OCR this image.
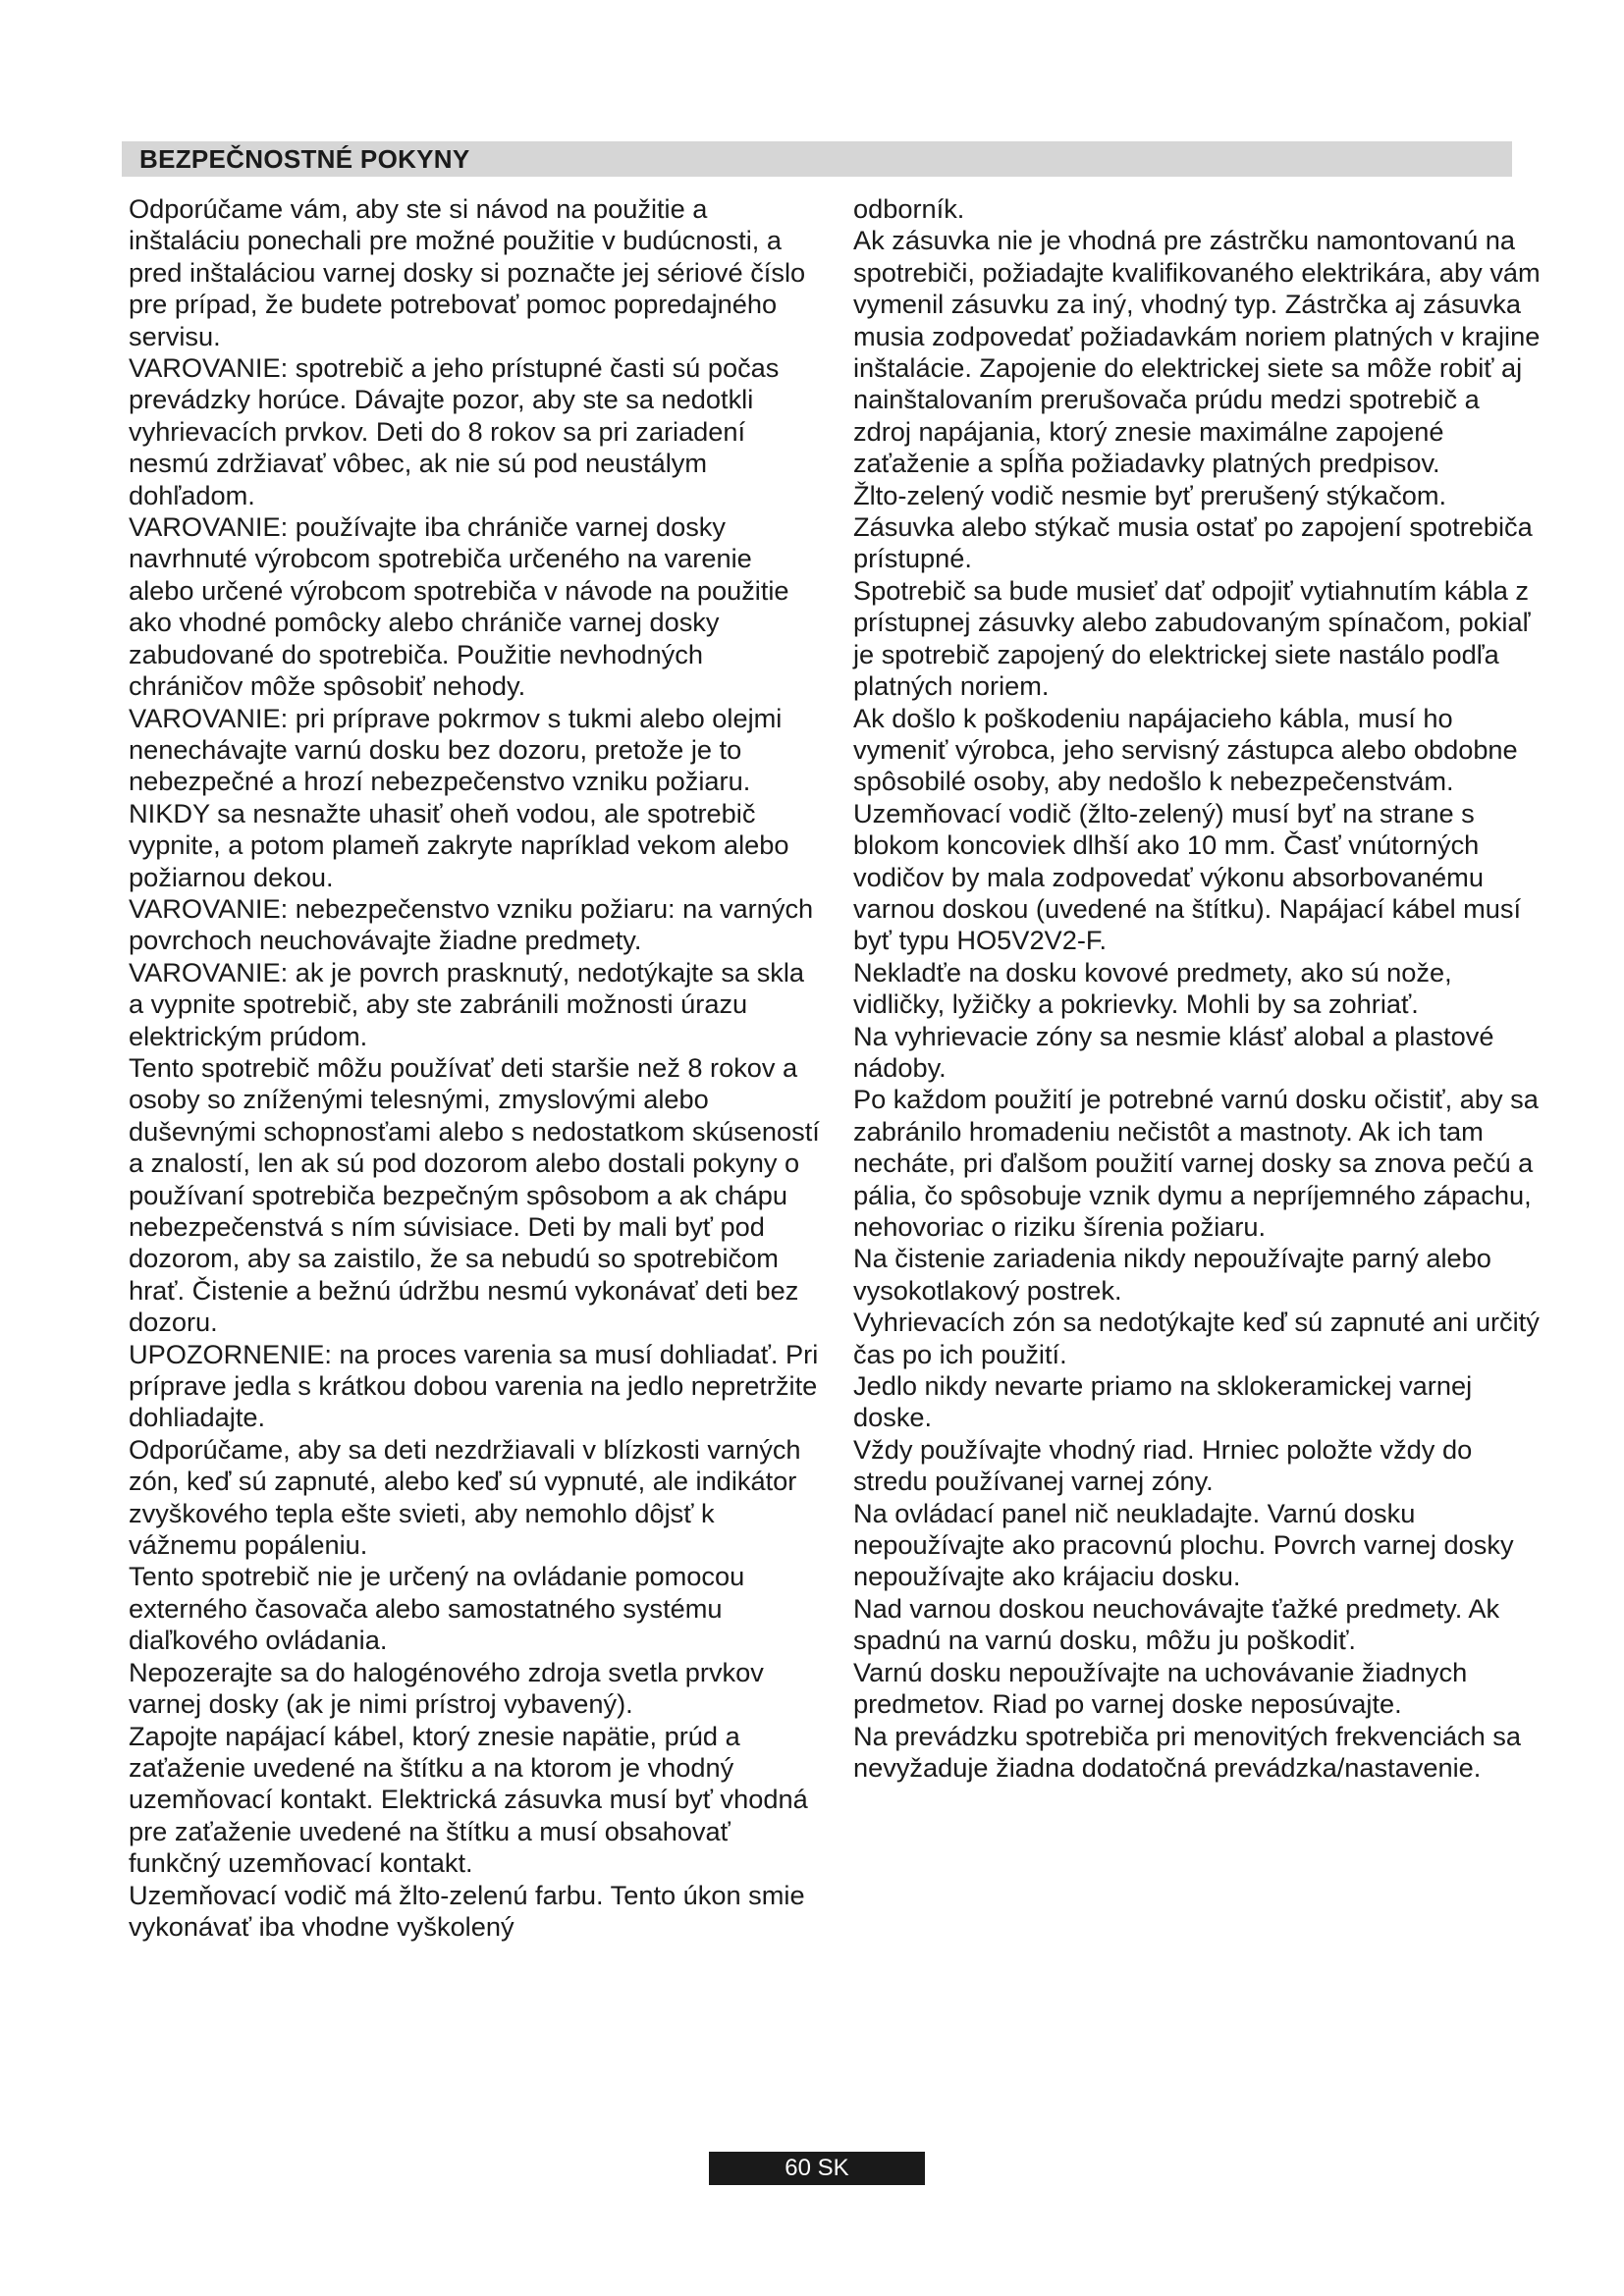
BEZPEČNOSTNÉ POKYNY

Odporúčame vám, aby ste si návod na použitie a inštaláciu ponechali pre možné použitie v budúcnosti, a pred inštaláciou varnej dosky si poznačte jej sériové číslo pre prípad, že budete potrebovať pomoc popredajného servisu.

VAROVANIE: spotrebič a jeho prístupné časti sú počas prevádzky horúce. Dávajte pozor, aby ste sa nedotkli vyhrievacích prvkov. Deti do 8 rokov sa pri zariadení nesmú zdržiavať vôbec, ak nie sú pod neustálym dohľadom.

VAROVANIE: používajte iba chrániče varnej dosky navrhnuté výrobcom spotrebiča určeného na varenie alebo určené výrobcom spotrebiča v návode na použitie ako vhodné pomôcky alebo chrániče varnej dosky zabudované do spotrebiča. Použitie nevhodných chráničov môže spôsobiť nehody.

VAROVANIE: pri príprave pokrmov s tukmi alebo olejmi nenechávajte varnú dosku bez dozoru, pretože je to nebezpečné a hrozí nebezpečenstvo vzniku požiaru. NIKDY sa nesnažte uhasiť oheň vodou, ale spotrebič vypnite, a potom plameň zakryte napríklad vekom alebo požiarnou dekou.

VAROVANIE: nebezpečenstvo vzniku požiaru: na varných povrchoch neuchovávajte žiadne predmety.

VAROVANIE: ak je povrch prasknutý, nedotýkajte sa skla a vypnite spotrebič, aby ste zabránili možnosti úrazu elektrickým prúdom.

Tento spotrebič môžu používať deti staršie než 8 rokov a osoby so zníženými telesnými, zmyslovými alebo duševnými schopnosťami alebo s nedostatkom skúseností a znalostí, len ak sú pod dozorom alebo dostali pokyny o používaní spotrebiča bezpečným spôsobom a ak chápu nebezpečenstvá s ním súvisiace. Deti by mali byť pod dozorom, aby sa zaistilo, že sa nebudú so spotrebičom hrať. Čistenie a bežnú údržbu nesmú vykonávať deti bez dozoru.

UPOZORNENIE: na proces varenia sa musí dohliadať. Pri príprave jedla s krátkou dobou varenia na jedlo nepretržite dohliadajte.

Odporúčame, aby sa deti nezdržiavali v blízkosti varných zón, keď sú zapnuté, alebo keď sú vypnuté, ale indikátor zvyškového tepla ešte svieti, aby nemohlo dôjsť k vážnemu popáleniu.

Tento spotrebič nie je určený na ovládanie pomocou externého časovača alebo samostatného systému diaľkového ovládania.

Nepozerajte sa do halogénového zdroja svetla prvkov varnej dosky (ak je nimi prístroj vybavený).

Zapojte napájací kábel, ktorý znesie napätie, prúd a zaťaženie uvedené na štítku a na ktorom je vhodný uzemňovací kontakt. Elektrická zásuvka musí byť vhodná pre zaťaženie uvedené na štítku a musí obsahovať funkčný uzemňovací kontakt.

Uzemňovací vodič má žlto-zelenú farbu. Tento úkon smie vykonávať iba vhodne vyškolený

odborník.

Ak zásuvka nie je vhodná pre zástrčku namontovanú na spotrebiči, požiadajte kvalifikovaného elektrikára, aby vám vymenil zásuvku za iný, vhodný typ. Zástrčka aj zásuvka musia zodpovedať požiadavkám noriem platných v krajine inštalácie. Zapojenie do elektrickej siete sa môže robiť aj nainštalovaním prerušovača prúdu medzi spotrebič a zdroj napájania, ktorý znesie maximálne zapojené zaťaženie a spĺňa požiadavky platných predpisov.

Žlto-zelený vodič nesmie byť prerušený stýkačom. Zásuvka alebo stýkač musia ostať po zapojení spotrebiča prístupné.

Spotrebič sa bude musieť dať odpojiť vytiahnutím kábla z prístupnej zásuvky alebo zabudovaným spínačom, pokiaľ je spotrebič zapojený do elektrickej siete nastálo podľa platných noriem.

Ak došlo k poškodeniu napájacieho kábla, musí ho vymeniť výrobca, jeho servisný zástupca alebo obdobne spôsobilé osoby, aby nedošlo k nebezpečenstvám. Uzemňovací vodič (žlto-zelený) musí byť na strane s blokom koncoviek dlhší ako 10 mm. Časť vnútorných vodičov by mala zodpovedať výkonu absorbovanému varnou doskou (uvedené na štítku). Napájací kábel musí byť typu HO5V2V2-F.

Nekladťe na dosku kovové predmety, ako sú nože, vidličky, lyžičky a pokrievky. Mohli by sa zohriať.

Na vyhrievacie zóny sa nesmie klásť alobal a plastové nádoby.

Po každom použití je potrebné varnú dosku očistiť, aby sa zabránilo hromadeniu nečistôt a mastnoty. Ak ich tam necháte, pri ďalšom použití varnej dosky sa znova pečú a pália, čo spôsobuje vznik dymu a nepríjemného zápachu, nehovoriac o riziku šírenia požiaru.

Na čistenie zariadenia nikdy nepoužívajte parný alebo vysokotlakový postrek.

Vyhrievacích zón sa nedotýkajte keď sú zapnuté ani určitý čas po ich použití.

Jedlo nikdy nevarte priamo na sklokeramickej varnej doske.

Vždy používajte vhodný riad. Hrniec položte vždy do stredu používanej varnej zóny.

Na ovládací panel nič neukladajte. Varnú dosku nepoužívajte ako pracovnú plochu. Povrch varnej dosky nepoužívajte ako krájaciu dosku.

Nad varnou doskou neuchovávajte ťažké predmety. Ak spadnú na varnú dosku, môžu ju poškodiť.

Varnú dosku nepoužívajte na uchovávanie žiadnych predmetov. Riad po varnej doske neposúvajte.

Na prevádzku spotrebiča pri menovitých frekvenciách sa nevyžaduje žiadna dodatočná prevádzka/nastavenie.

60 SK
